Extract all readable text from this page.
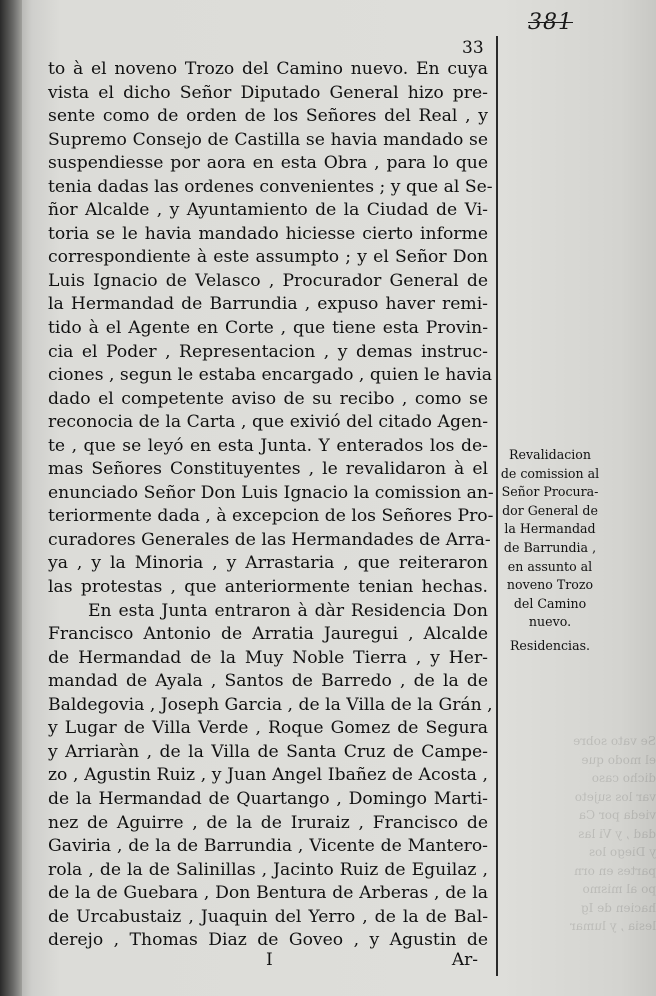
Se vato sobre
el modo que
dicho caso
var los sujeto
vieda por Ca
dad , y Vi las
y Diego los
partes en orn
po al mismo
hacien de Ig
lesia , y lumar
381
33
to à el noveno Trozo del Camino nuevo. En cuya
vista el dicho Señor Diputado General hizo pre-
sente como de orden de los Señores del Real , y
Supremo Consejo de Castilla se havia mandado se
suspendiesse por aora en esta Obra , para lo que
tenia dadas las ordenes convenientes ; y que al Se-
ñor Alcalde , y Ayuntamiento de la Ciudad de Vi-
toria se le havia mandado hiciesse cierto informe
correspondiente à este assumpto ; y el Señor Don
Luis Ignacio de Velasco , Procurador General de
la Hermandad de Barrundia , expuso haver remi-
tido à el Agente en Corte , que tiene esta Provin-
cia el Poder , Representacion , y demas instruc-
ciones , segun le estaba encargado , quien le havia
dado el competente aviso de su recibo , como se
reconocia de la Carta , que exivió del citado Agen-
te , que se leyó en esta Junta. Y enterados los de-
mas Señores Constituyentes , le revalidaron à el
enunciado Señor Don Luis Ignacio la comission an-
teriormente dada , à excepcion de los Señores Pro-
curadores Generales de las Hermandades de Arra-
ya , y la Minoria , y Arrastaria , que reiteraron
las protestas , que anteriormente tenian hechas.
En esta Junta entraron à dàr Residencia Don
Francisco Antonio de Arratia Jauregui , Alcalde
de Hermandad de la Muy Noble Tierra , y Her-
mandad de Ayala , Santos de Barredo , de la de
Baldegovia , Joseph Garcia , de la Villa de la Grán ,
y Lugar de Villa Verde , Roque Gomez de Segura
y Arriaràn , de la Villa de Santa Cruz de Campe-
zo , Agustin Ruiz , y Juan Angel Ibañez de Acosta ,
de la Hermandad de Quartango , Domingo Marti-
nez de Aguirre , de la de Iruraiz , Francisco de
Gaviria , de la de Barrundia , Vicente de Mantero-
rola , de la de Salinillas , Jacinto Ruiz de Eguilaz ,
de la de Guebara , Don Bentura de Arberas , de la
de Urcabustaiz , Juaquin del Yerro , de la de Bal-
derejo , Thomas Diaz de Goveo , y Agustin de
Revalidacion
de comission al
Señor Procura-
dor General de
la Hermandad
de Barrundia ,
en assunto al
noveno Trozo
del Camino
nuevo.
Residencias.
I	Ar-
